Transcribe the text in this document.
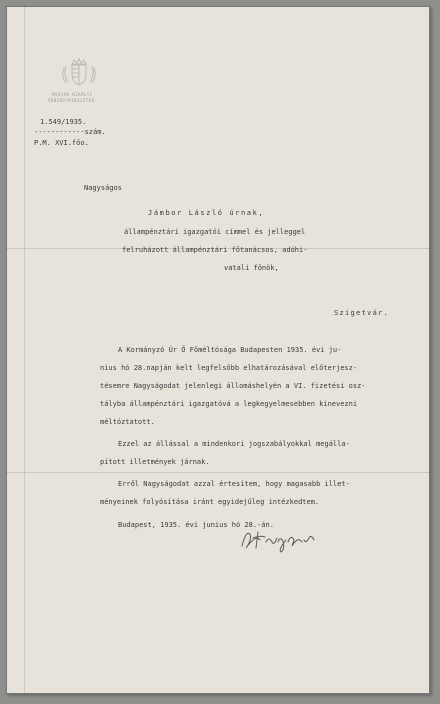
MAGYAR KIRÁLYI
PÉNZÜGYMINISZTER
1.549/1935.
------------szám.
P.M. XVI.főo.
Nagyságos
Jámbor László úrnak,
állampénztári igazgatói címmel és jelleggel
felruházott állampénztári főtanácsos, adóhi-
vatali főnök,
Szigetvár.
A Kormányzó Úr Ő Főméltósága Budapesten 1935. évi ju-
nius hó 28.napján kelt legfelsőbb elhatározásával előterjesz-
tésemre Nagyságodat jelenlegi állomáshelyén a VI. fizetési osz-
tályba állampénztári igazgatóvá a legkegyelmesebben kinevezni
méltóztatott.
Ezzel az állással a mindenkori jogszabályokkal megálla-
pított illetmények járnak.
Erről Nagyságodat azzal értesítem, hogy magasabb illet-
ményeinek folyósítása iránt egyidejűleg intézkedtem.
Budapest, 1935. évi junius hó 28.-án.
